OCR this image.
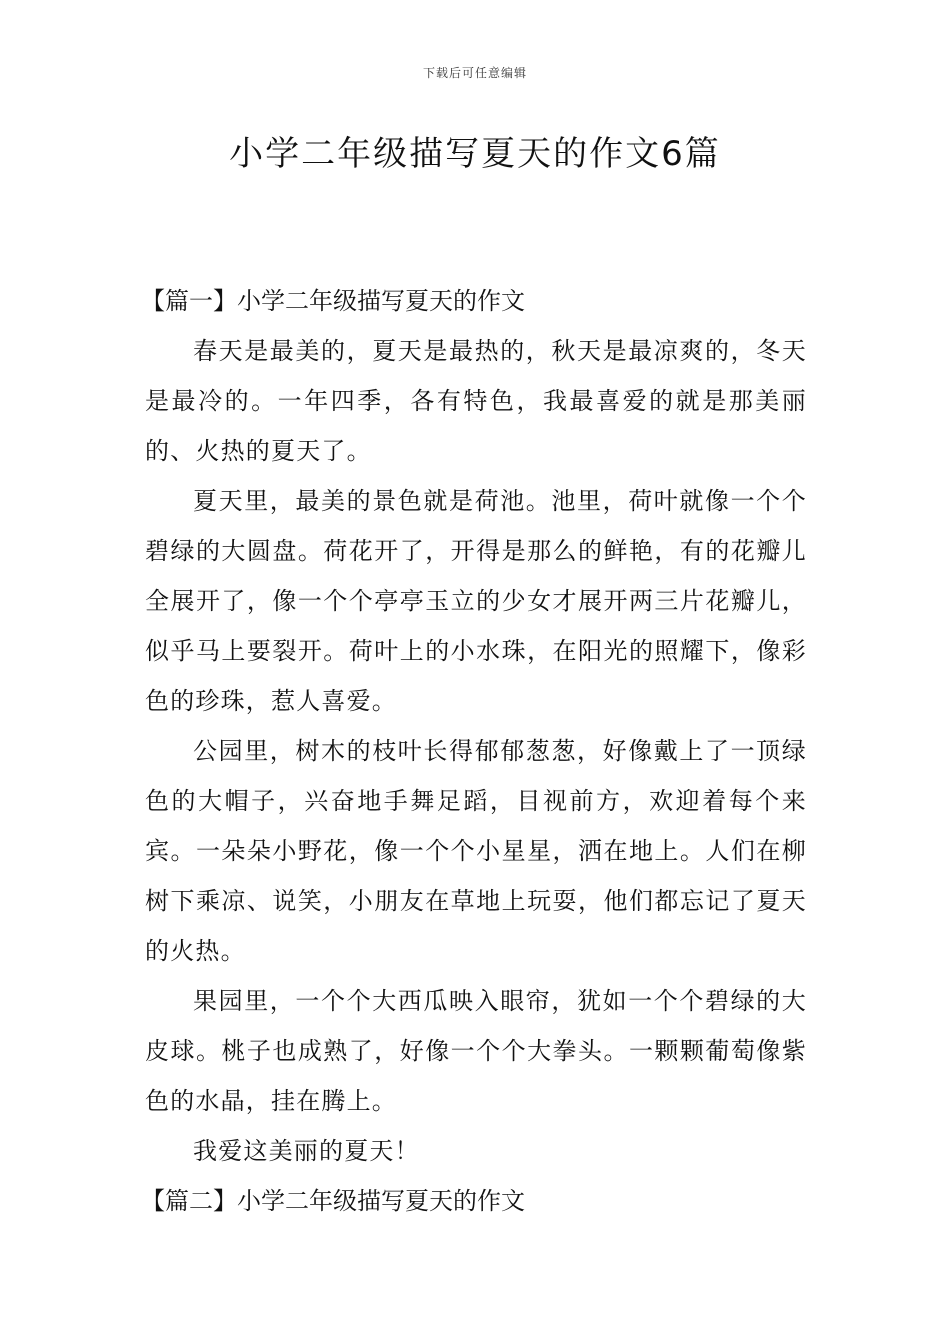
下载后可任意编辑
小学二年级描写夏天的作文6篇
【篇一】小学二年级描写夏天的作文

春天是最美的，夏天是最热的，秋天是最凉爽的，冬天是最冷的。一年四季，各有特色，我最喜爱的就是那美丽的、火热的夏天了。

夏天里，最美的景色就是荷池。池里，荷叶就像一个个碧绿的大圆盘。荷花开了，开得是那么的鲜艳，有的花瓣儿全展开了，像一个个亭亭玉立的少女才展开两三片花瓣儿，似乎马上要裂开。荷叶上的小水珠，在阳光的照耀下，像彩色的珍珠，惹人喜爱。

公园里，树木的枝叶长得郁郁葱葱，好像戴上了一顶绿色的大帽子，兴奋地手舞足蹈，目视前方，欢迎着每个来宾。一朵朵小野花，像一个个小星星，洒在地上。人们在柳树下乘凉、说笑，小朋友在草地上玩耍，他们都忘记了夏天的火热。

果园里，一个个大西瓜映入眼帘，犹如一个个碧绿的大皮球。桃子也成熟了，好像一个个大拳头。一颗颗葡萄像紫色的水晶，挂在腾上。

我爱这美丽的夏天！

【篇二】小学二年级描写夏天的作文
